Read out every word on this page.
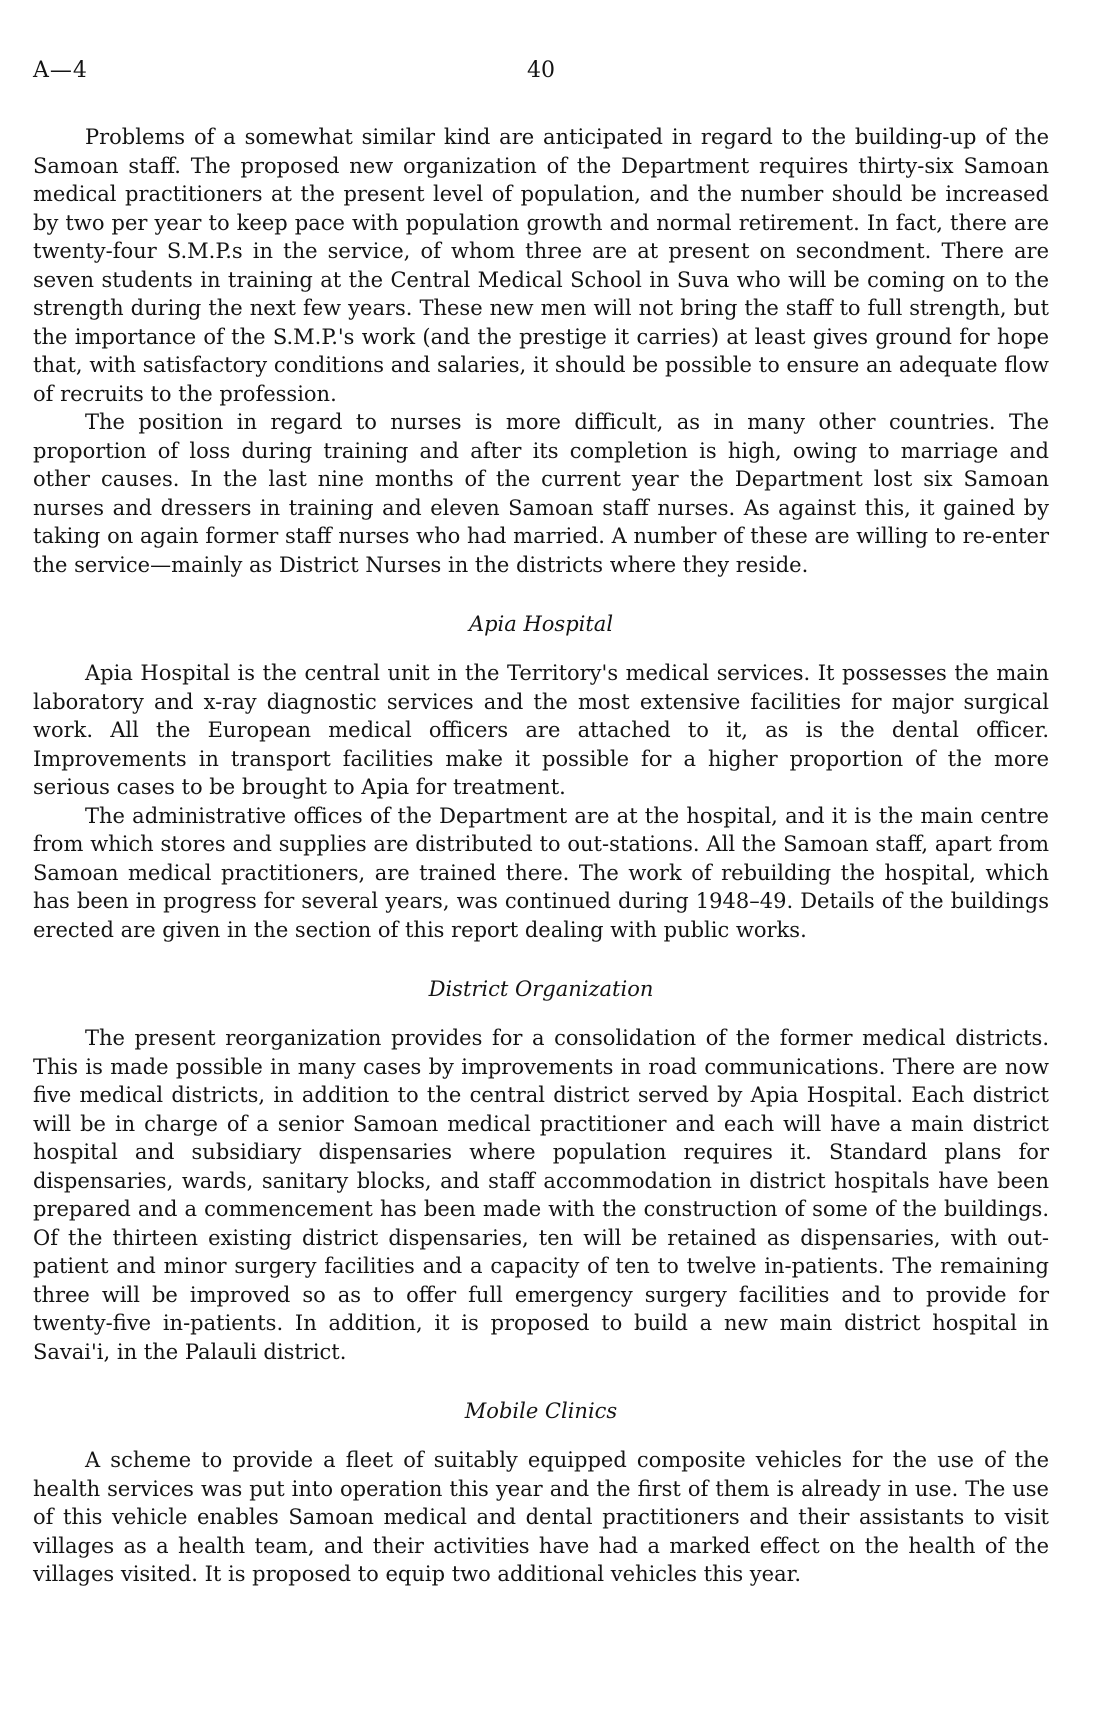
A—4	40

Problems of a somewhat similar kind are anticipated in regard to the building-up of the Samoan staff. The proposed new organization of the Department requires thirty-six Samoan medical practitioners at the present level of population, and the number should be increased by two per year to keep pace with population growth and normal retirement. In fact, there are twenty-four S.M.P.s in the service, of whom three are at present on secondment. There are seven students in training at the Central Medical School in Suva who will be coming on to the strength during the next few years. These new men will not bring the staff to full strength, but the importance of the S.M.P.'s work (and the prestige it carries) at least gives ground for hope that, with satisfactory conditions and salaries, it should be possible to ensure an adequate flow of recruits to the profession.

The position in regard to nurses is more difficult, as in many other countries. The proportion of loss during training and after its completion is high, owing to marriage and other causes. In the last nine months of the current year the Department lost six Samoan nurses and dressers in training and eleven Samoan staff nurses. As against this, it gained by taking on again former staff nurses who had married. A number of these are willing to re-enter the service—mainly as District Nurses in the districts where they reside.

Apia Hospital

Apia Hospital is the central unit in the Territory's medical services. It possesses the main laboratory and x-ray diagnostic services and the most extensive facilities for major surgical work. All the European medical officers are attached to it, as is the dental officer. Improvements in transport facilities make it possible for a higher proportion of the more serious cases to be brought to Apia for treatment.

The administrative offices of the Department are at the hospital, and it is the main centre from which stores and supplies are distributed to out-stations. All the Samoan staff, apart from Samoan medical practitioners, are trained there. The work of rebuilding the hospital, which has been in progress for several years, was continued during 1948–49. Details of the buildings erected are given in the section of this report dealing with public works.

District Organization

The present reorganization provides for a consolidation of the former medical districts. This is made possible in many cases by improvements in road communications. There are now five medical districts, in addition to the central district served by Apia Hospital. Each district will be in charge of a senior Samoan medical practitioner and each will have a main district hospital and subsidiary dispensaries where population requires it. Standard plans for dispensaries, wards, sanitary blocks, and staff accommodation in district hospitals have been prepared and a commencement has been made with the construction of some of the buildings. Of the thirteen existing district dispensaries, ten will be retained as dispensaries, with out-patient and minor surgery facilities and a capacity of ten to twelve in-patients. The remaining three will be improved so as to offer full emergency surgery facilities and to provide for twenty-five in-patients. In addition, it is proposed to build a new main district hospital in Savai'i, in the Palauli district.

Mobile Clinics

A scheme to provide a fleet of suitably equipped composite vehicles for the use of the health services was put into operation this year and the first of them is already in use. The use of this vehicle enables Samoan medical and dental practitioners and their assistants to visit villages as a health team, and their activities have had a marked effect on the health of the villages visited. It is proposed to equip two additional vehicles this year.
